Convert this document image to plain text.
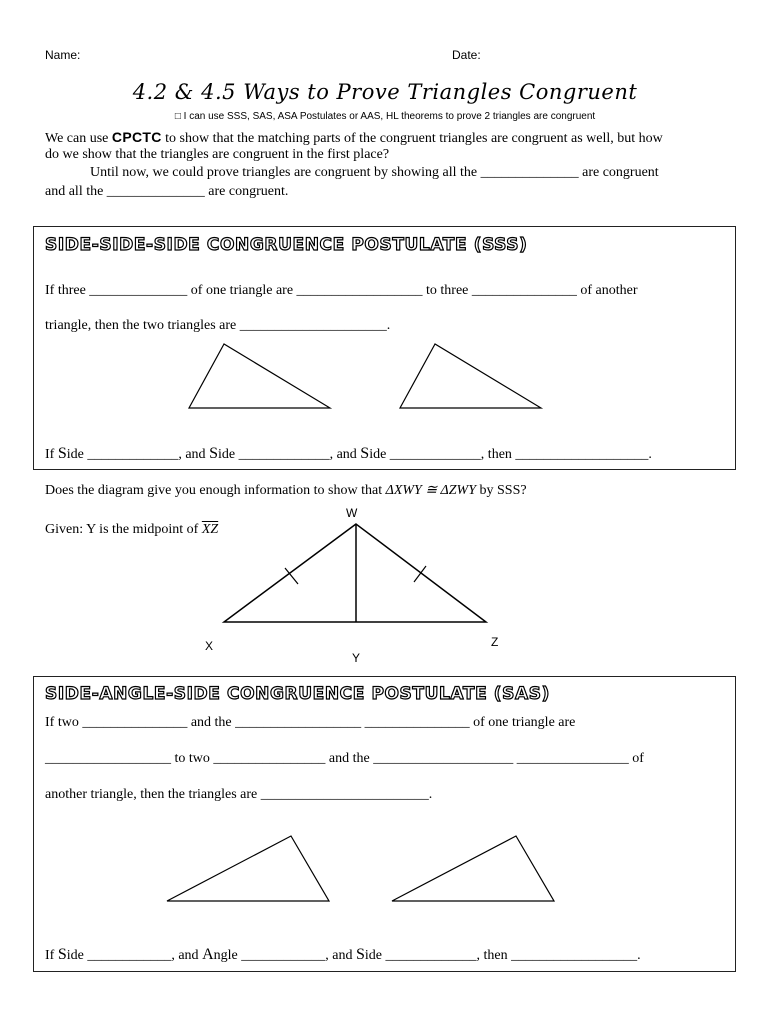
Name:	Date:
4.2 & 4.5 Ways to Prove Triangles Congruent
□ I can use SSS, SAS, ASA Postulates or AAS, HL theorems to prove 2 triangles are congruent
We can use CPCTC to show that the matching parts of the congruent triangles are congruent as well, but how
do we show that the triangles are congruent in the first place?
Until now, we could prove triangles are congruent by showing all the ______________ are congruent
and all the ______________ are congruent.
SIDE-SIDE-SIDE CONGRUENCE POSTULATE (SSS)
If three ______________ of one triangle are __________________ to three _______________ of another
triangle, then the two triangles are _____________________.
If Side _____________, and Side _____________, and Side _____________, then ___________________.
Does the diagram give you enough information to show that ΔXWY ≅ ΔZWY by SSS?
Given: Y is the midpoint of $\overline{XZ}$
W
X
Y
Z
SIDE-ANGLE-SIDE CONGRUENCE POSTULATE (SAS)
If two _______________ and the __________________ _______________ of one triangle are
__________________ to two ________________ and the ____________________ ________________ of
another triangle, then the triangles are ________________________.
If Side ____________, and Angle ____________, and Side _____________, then __________________.
